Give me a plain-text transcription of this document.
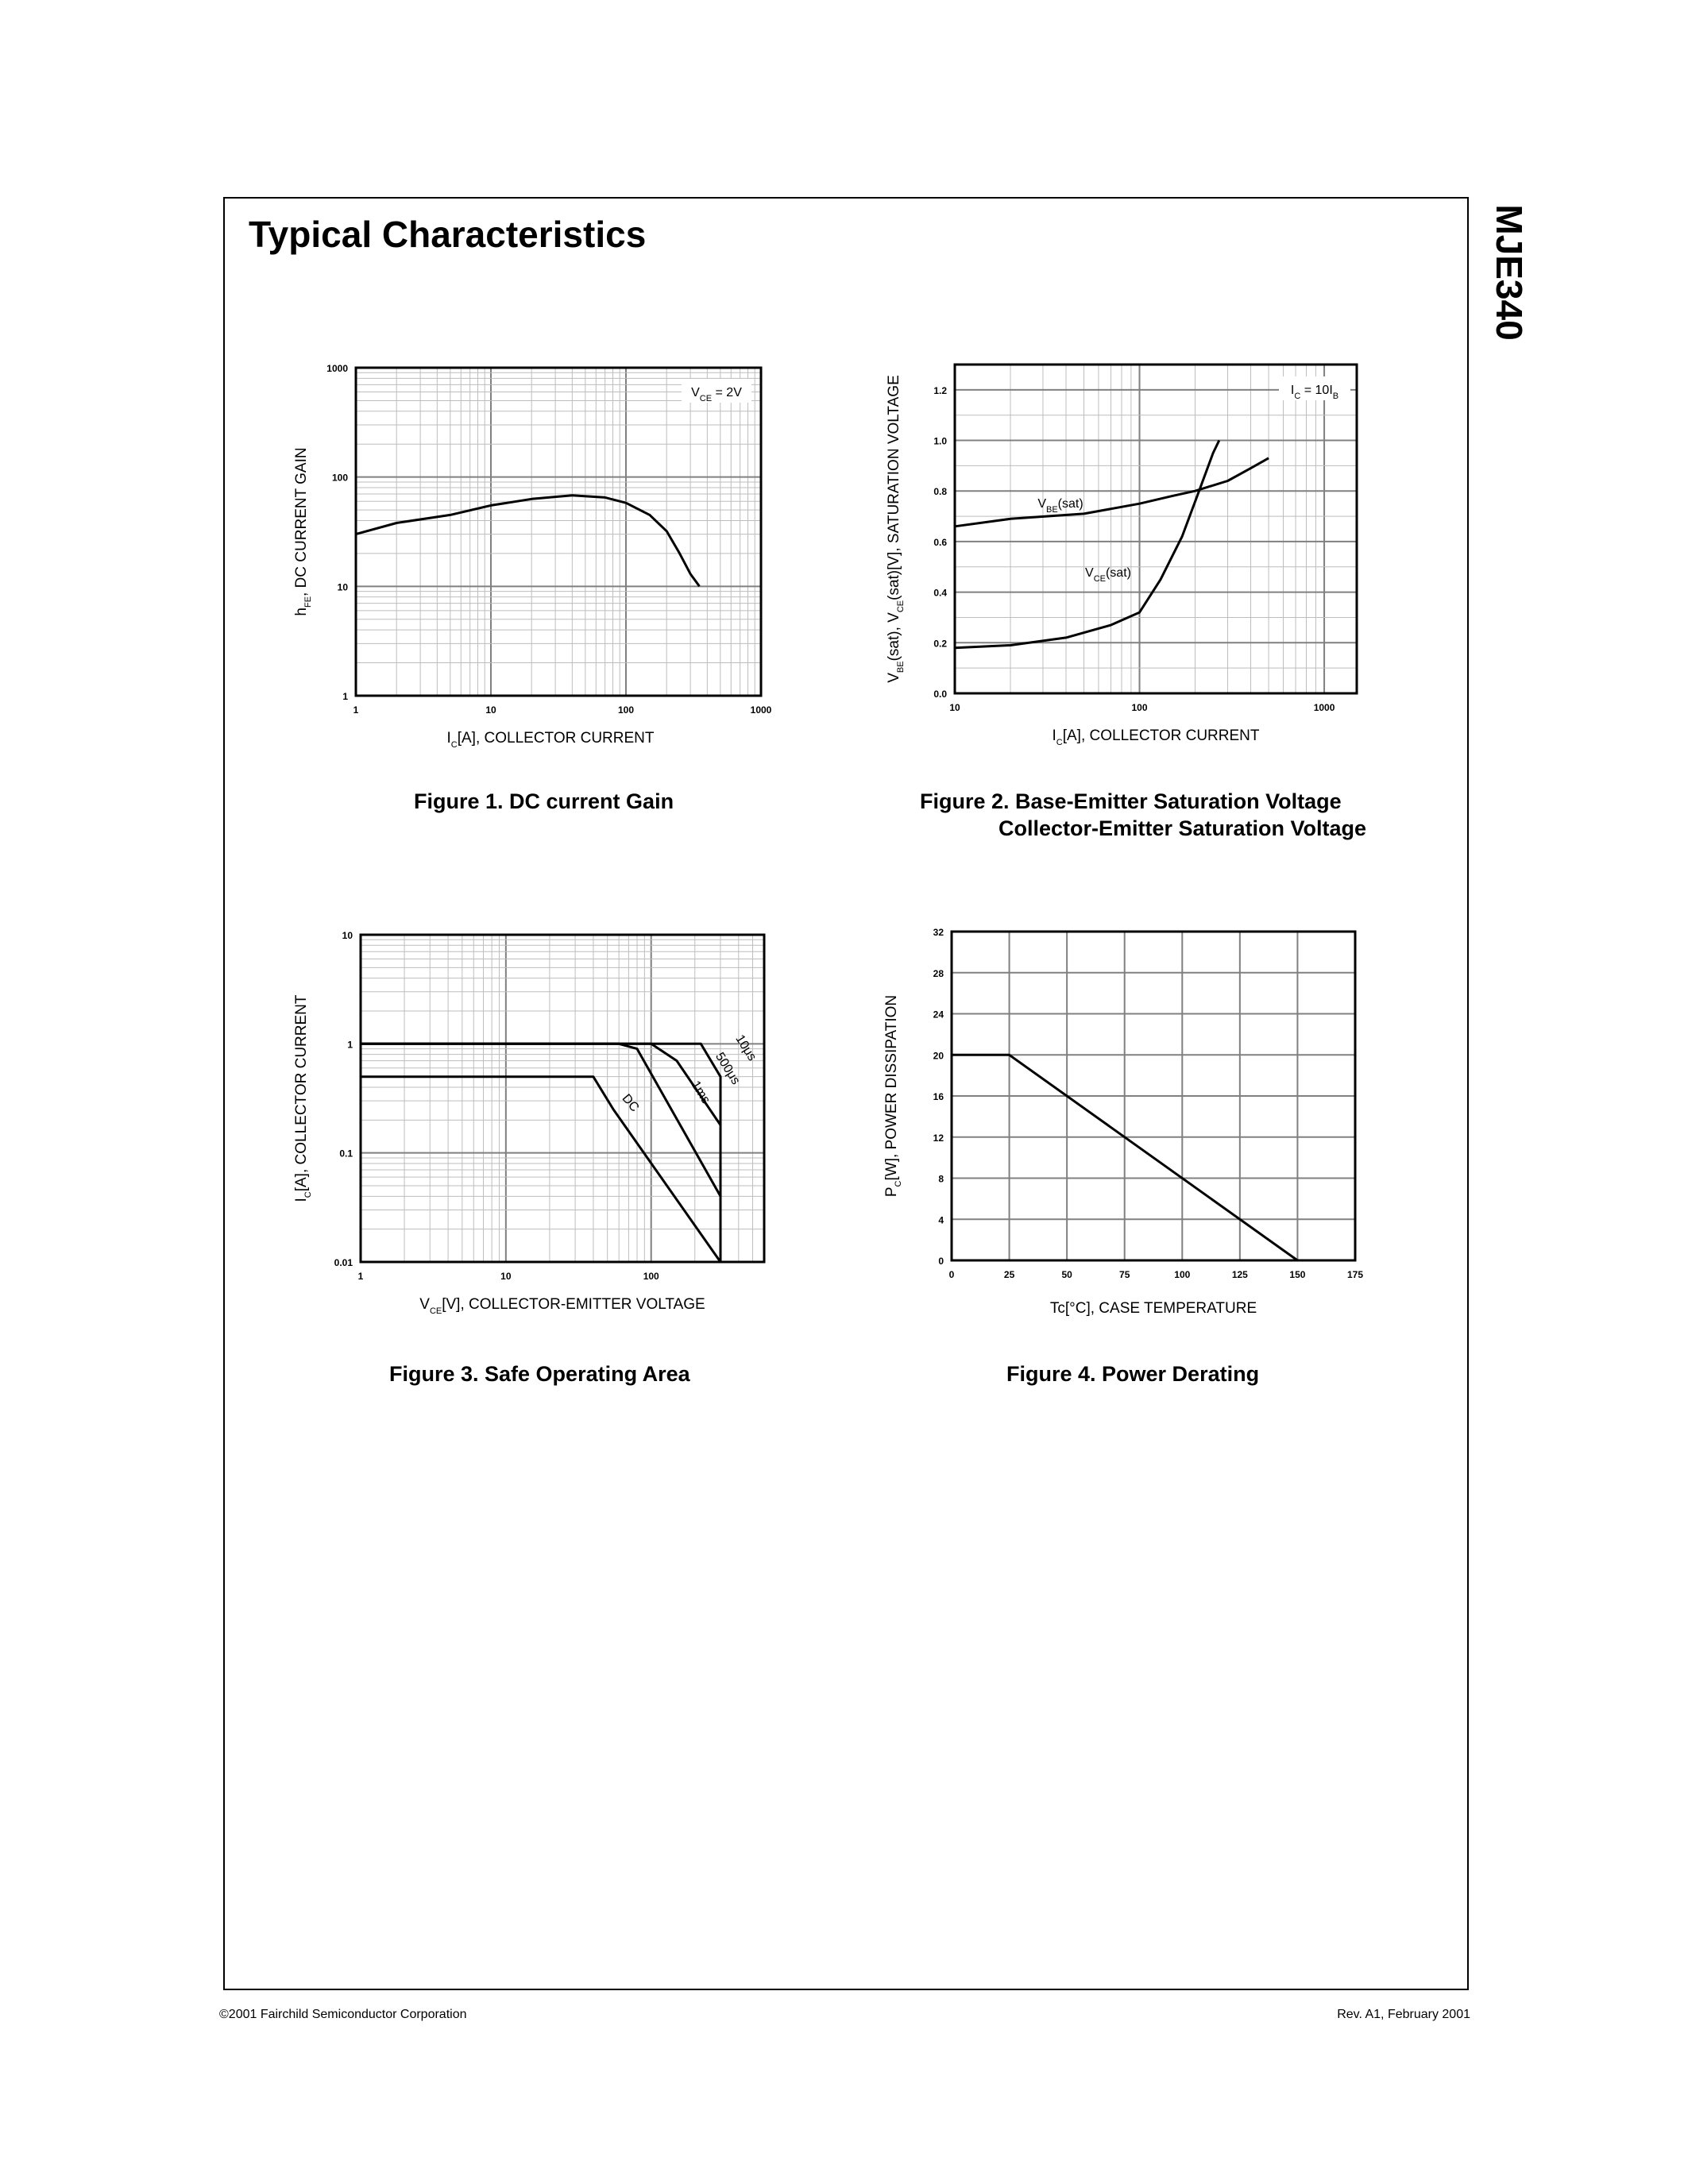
Typical Characteristics	MJE340
1	10	100	1000
1
10
100
1000
$I_C[A]$, COLLECTOR CURRENT
$h_{FE}$, DC CURRENT GAIN
$V_{CE} = 2V$
10	100	1000
0.0
0.2
0.4
0.6
0.8
1.0
1.2
$I_C[A]$, COLLECTOR CURRENT
$V_{BE}(sat)$, $V_{CE}(sat)[V]$, SATURATION VOLTAGE	$I_C = 10I_B$
$V_{BE}(sat)$
$V_{CE}(sat)$
1	10	100
0.01
0.1
1
10
$V_{CE}[V]$, COLLECTOR-EMITTER VOLTAGE
$I_C[A]$, COLLECTOR CURRENT	DC	1ms
500μs
10μs
0	25	50	75	100	125	150	175
0
4
8
12
16
20
24
28
32
Tc[°C], CASE TEMPERATURE
$P_C[W]$, POWER DISSIPATION
Figure 1. DC current Gain	Figure 2. Base-Emitter Saturation Voltage
Collector-Emitter Saturation Voltage
Figure 3. Safe Operating Area	Figure 4. Power Derating
©2001 Fairchild Semiconductor Corporation	Rev. A1, February 2001
